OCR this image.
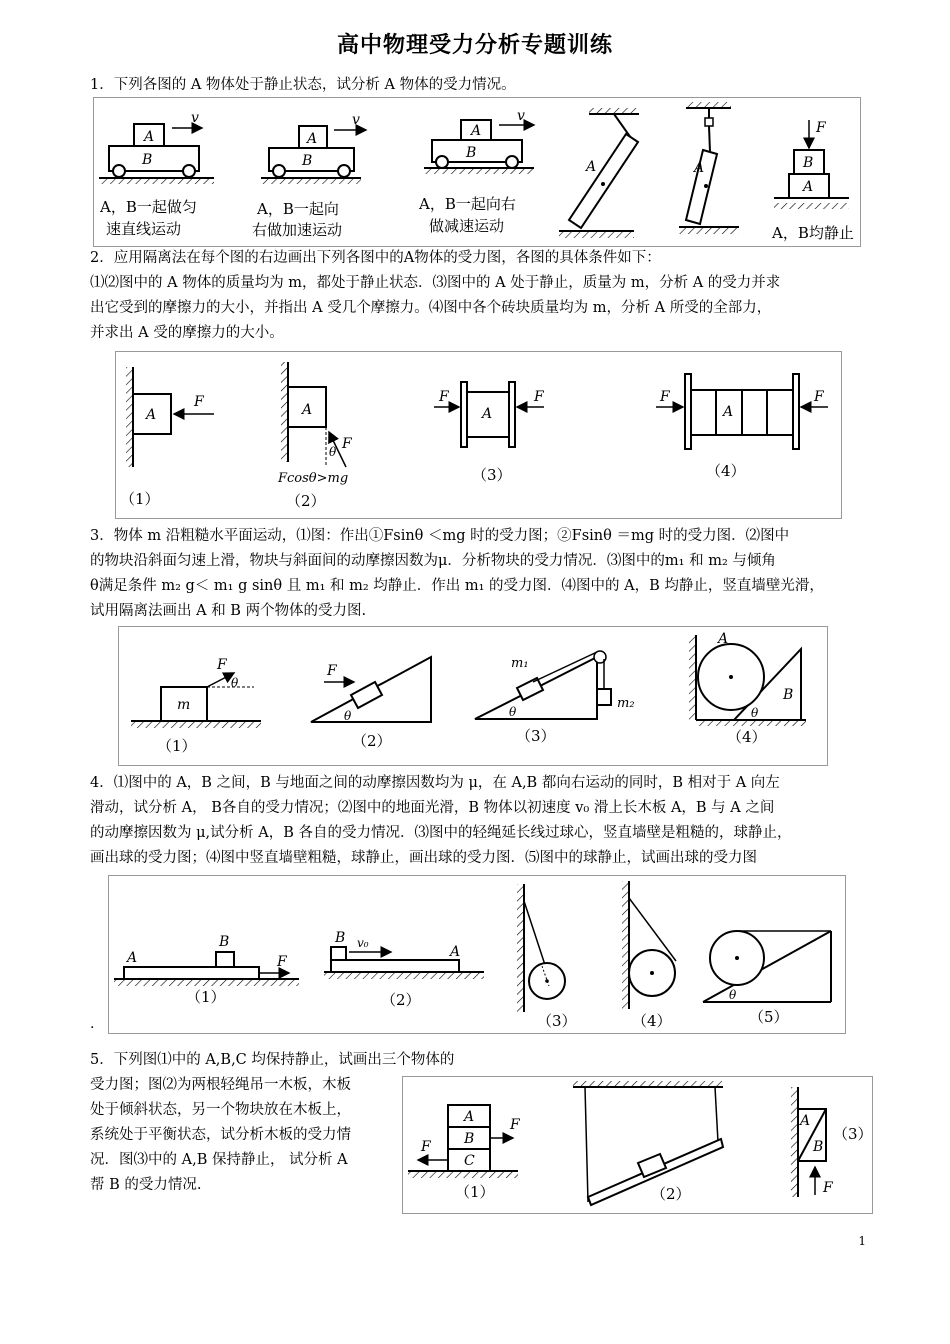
高中物理受力分析专题训练
1．下列各图的 A 物体处于静止状态，试分析 A 物体的受力情况。
A
B
v
A
B
v
A
B
v
A	A
F
B
A
A，B一起做匀
速直线运动
A，B一起向
右做加速运动
A，B一起向右
做减速运动	A，B均静止
2．应用隔离法在每个图的右边画出下列各图中的A物体的受力图，各图的具体条件如下：
⑴⑵图中的 A 物体的质量均为 m，都处于静止状态．⑶图中的 A 处于静止，质量为 m，分析 A 的受力并求
出它受到的摩擦力的大小，并指出 A 受几个摩擦力。⑷图中各个砖块质量均为 m，分析 A 所受的全部力，
并求出 A 受的摩擦力的大小。
A
F	A
F
θ
A
F	F
A
F	F
Fcosθ>mg
（1）	（2）
（3）	（4）
3．物体 m 沿粗糙水平面运动，⑴图：作出①Fsinθ ＜mg 时的受力图；②Fsinθ ＝mg 时的受力图．⑵图中
的物块沿斜面匀速上滑，物块与斜面间的动摩擦因数为μ．分析物块的受力情况．⑶图中的m₁ 和 m₂ 与倾角
θ满足条件 m₂ g＜ m₁ g sinθ 且 m₁ 和 m₂ 均静止．作出 m₁ 的受力图．⑷图中的 A，B 均静止，竖直墙壁光滑，
试用隔离法画出 A 和 B 两个物体的受力图.
m
F
θ
F
θ
m₁
m₂
θ
A
B
θ
（1）	（2）	（3）	（4）
4．⑴图中的 A，B 之间，B 与地面之间的动摩擦因数均为 μ，在 A,B 都向右运动的同时，B 相对于 A 向左
滑动，试分析 A， B各自的受力情况；⑵图中的地面光滑，B 物体以初速度 v₀ 滑上长木板 A，B 与 A 之间
的动摩擦因数为 μ,试分析 A，B 各自的受力情况．⑶图中的轻绳延长线过球心，竖直墙壁是粗糙的，球静止，
画出球的受力图；⑷图中竖直墙壁粗糙，球静止，画出球的受力图．⑸图中的球静止，试画出球的受力图
A
B
F
B v₀
A
θ
（1）	（2）
（3）	（4）	（5）
.
5．下列图⑴中的 A,B,C 均保持静止，试画出三个物体的
受力图；图⑵为两根轻绳吊一木板，木板
处于倾斜状态，另一个物块放在木板上，
系统处于平衡状态，试分析木板的受力情
况．图⑶中的 A,B 保持静止， 试分析 A
帮 B 的受力情况.
A
B
C
F
F
A
B
F
（1）	（2）
（3）
1
